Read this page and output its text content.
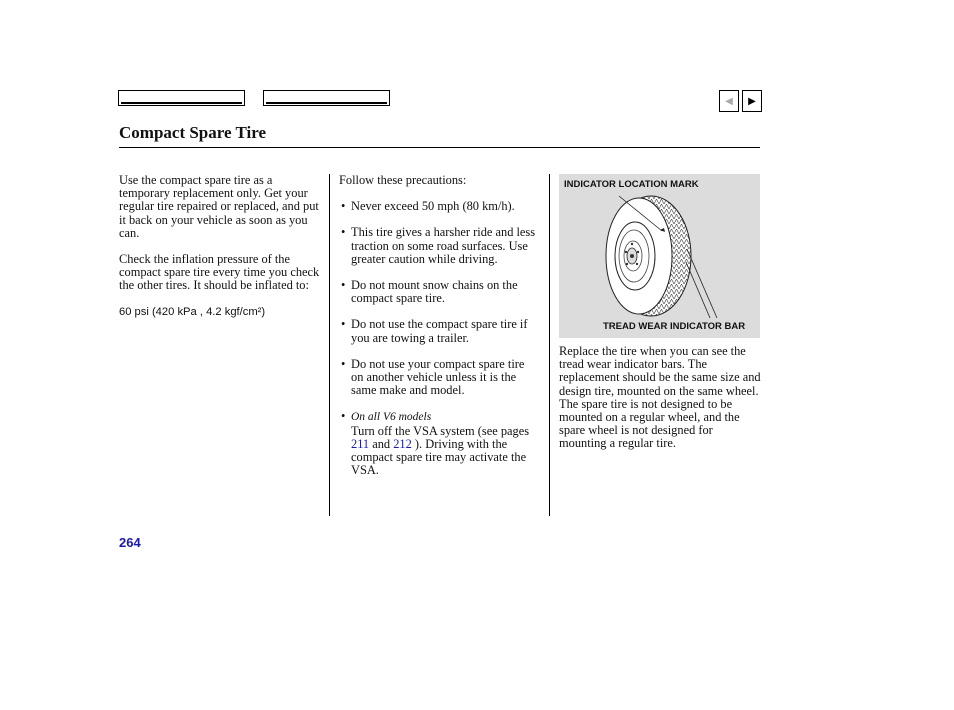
◀ ▶
Compact Spare Tire

Use the compact spare tire as a temporary replacement only. Get your regular tire repaired or replaced, and put it back on your vehicle as soon as you can.

Check the inflation pressure of the compact spare tire every time you check the other tires. It should be inflated to:

60 psi (420 kPa , 4.2 kgf/cm²)

Follow these precautions:

• Never exceed 50 mph (80 km/h).
• This tire gives a harsher ride and less traction on some road surfaces. Use greater caution while driving.
• Do not mount snow chains on the compact spare tire.
• Do not use the compact spare tire if you are towing a trailer.
• Do not use your compact spare tire on another vehicle unless it is the same make and model.
• On all V6 models
Turn off the VSA system (see pages 211 and 212 ). Driving with the compact spare tire may activate the VSA.
INDICATOR LOCATION MARK
TREAD WEAR INDICATOR BAR

Replace the tire when you can see the tread wear indicator bars. The replacement should be the same size and design tire, mounted on the same wheel. The spare tire is not designed to be mounted on a regular wheel, and the spare wheel is not designed for mounting a regular tire.

264
